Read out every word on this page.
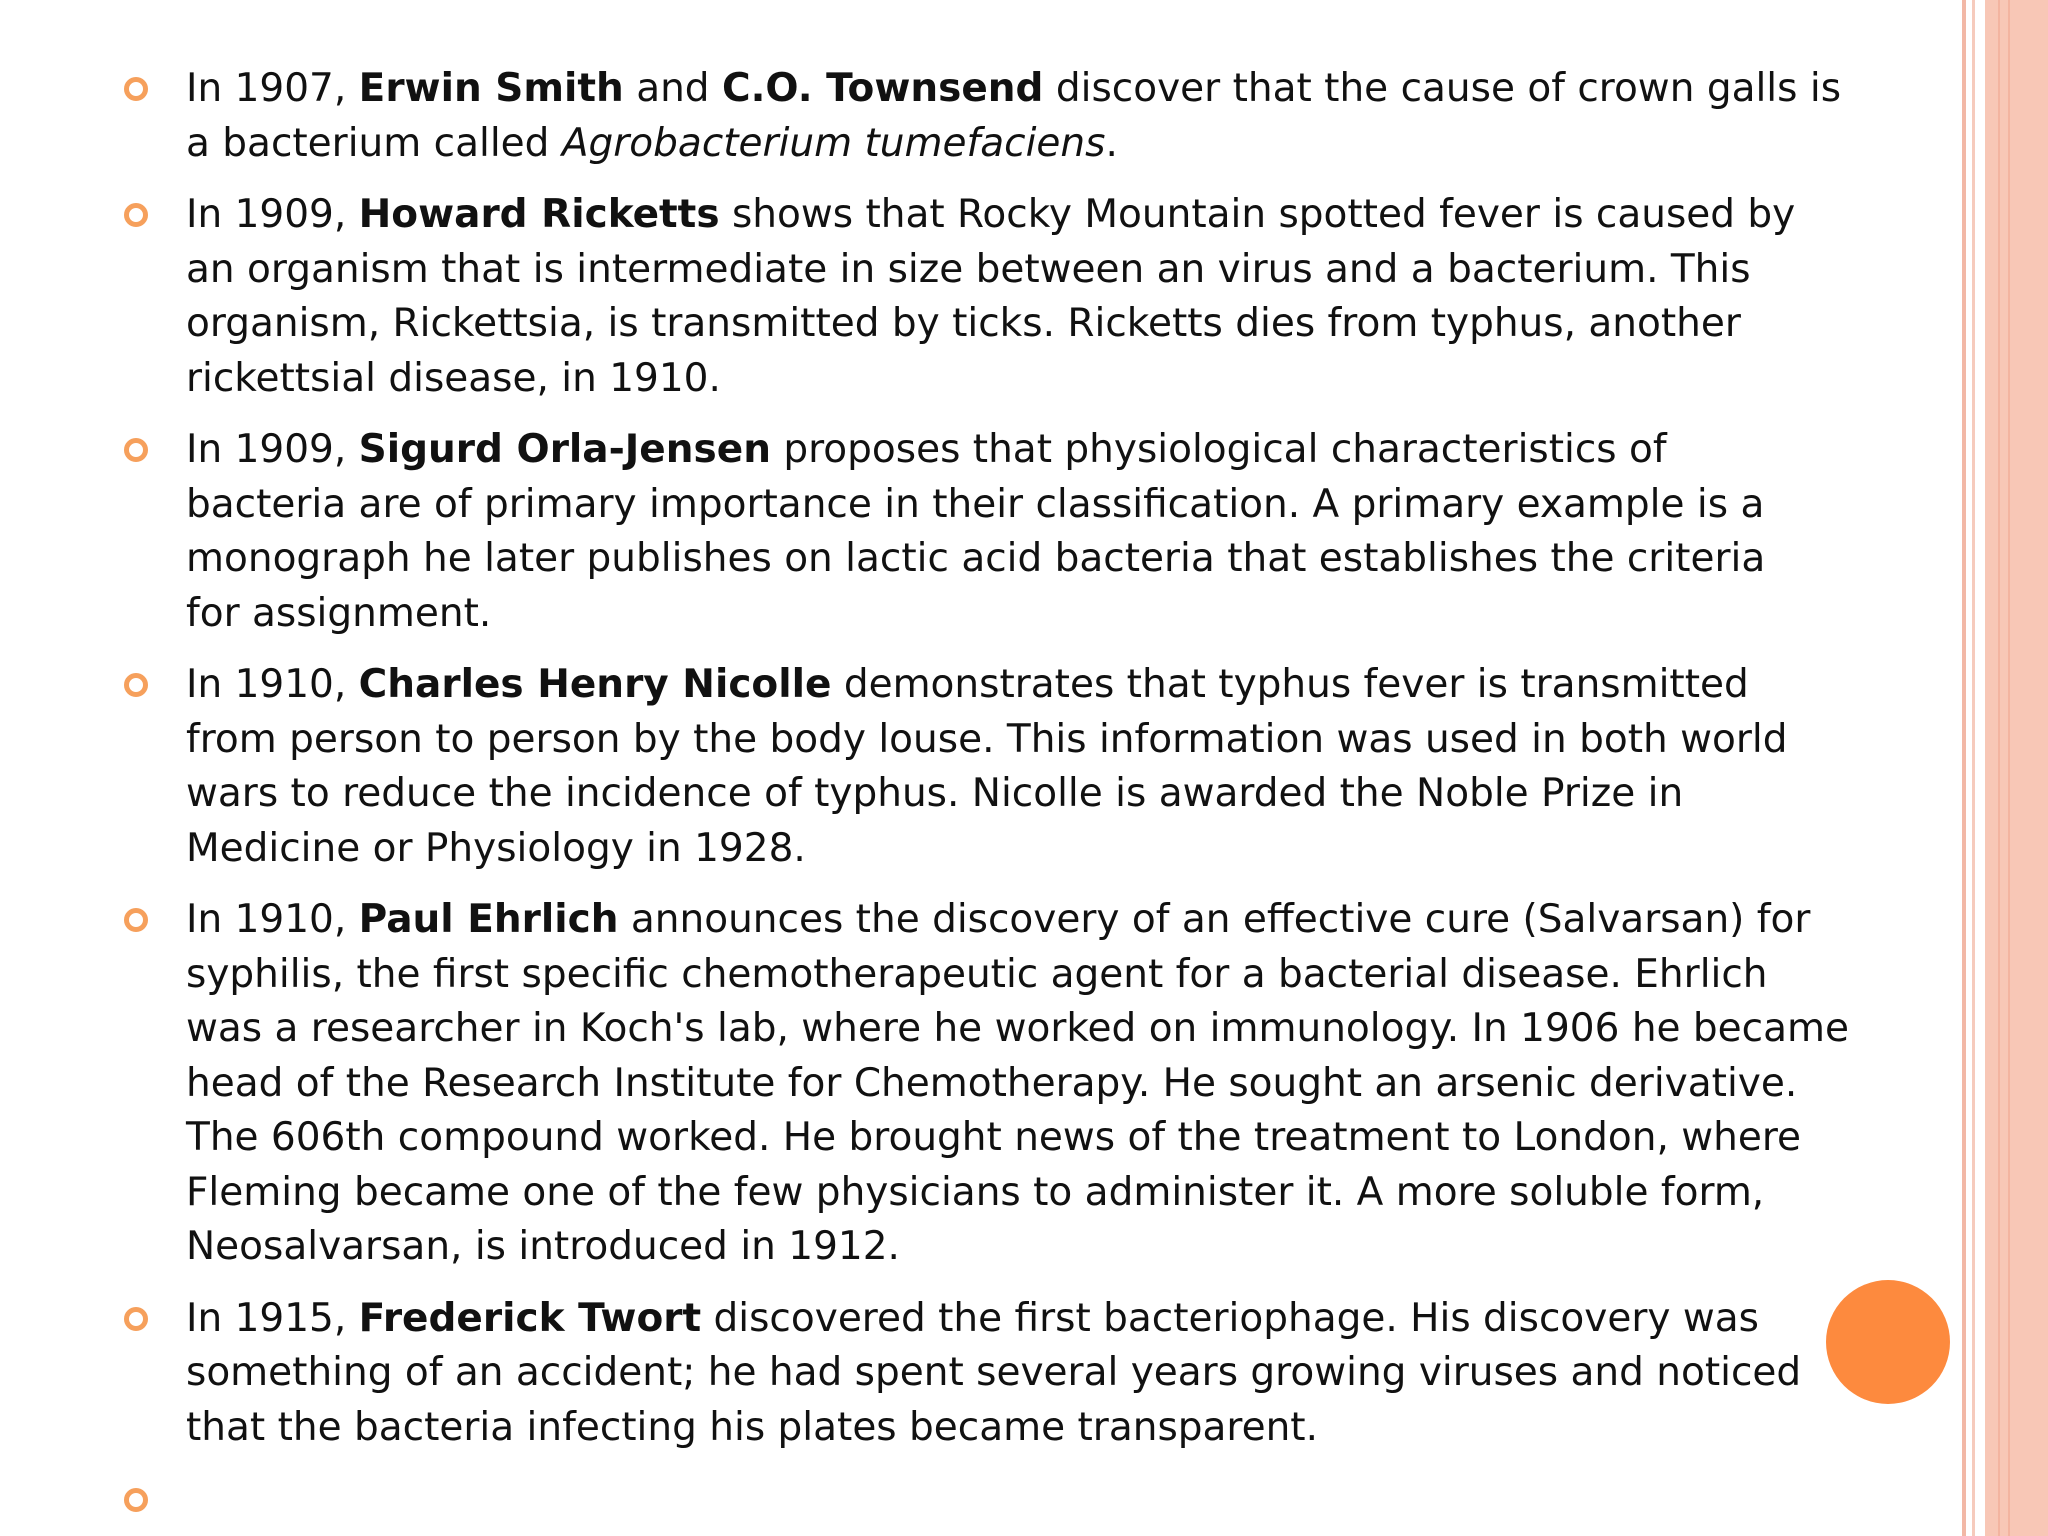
In 1907, Erwin Smith and C.O. Townsend discover that the cause of crown galls is
a bacterium called Agrobacterium tumefaciens.
In 1909, Howard Ricketts shows that Rocky Mountain spotted fever is caused by
an organism that is intermediate in size between an virus and a bacterium. This
organism, Rickettsia, is transmitted by ticks. Ricketts dies from typhus, another
rickettsial disease, in 1910.
In 1909, Sigurd Orla-Jensen proposes that physiological characteristics of
bacteria are of primary importance in their classification. A primary example is a
monograph he later publishes on lactic acid bacteria that establishes the criteria
for assignment.
In 1910, Charles Henry Nicolle demonstrates that typhus fever is transmitted
from person to person by the body louse. This information was used in both world
wars to reduce the incidence of typhus. Nicolle is awarded the Noble Prize in
Medicine or Physiology in 1928.
In 1910, Paul Ehrlich announces the discovery of an effective cure (Salvarsan) for
syphilis, the first specific chemotherapeutic agent for a bacterial disease. Ehrlich
was a researcher in Koch's lab, where he worked on immunology. In 1906 he became
head of the Research Institute for Chemotherapy. He sought an arsenic derivative.
The 606th compound worked. He brought news of the treatment to London, where
Fleming became one of the few physicians to administer it. A more soluble form,
Neosalvarsan, is introduced in 1912.
In 1915, Frederick Twort discovered the first bacteriophage. His discovery was
something of an accident; he had spent several years growing viruses and noticed
that the bacteria infecting his plates became transparent.
